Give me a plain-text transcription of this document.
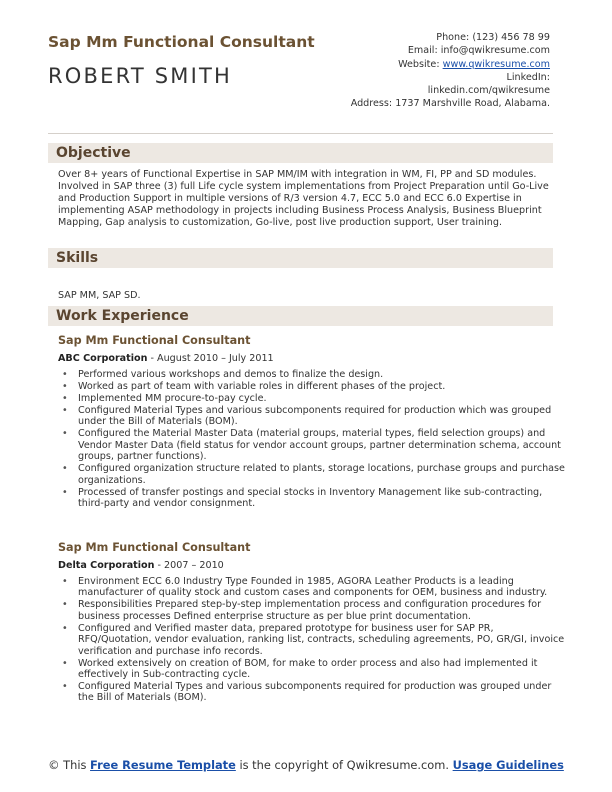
Sap Mm Functional Consultant
ROBERT SMITH
Phone: (123) 456 78 99
Email: info@qwikresume.com
Website: www.qwikresume.com
LinkedIn:
linkedin.com/qwikresume
Address: 1737 Marshville Road, Alabama.
Objective

Over 8+ years of Functional Expertise in SAP MM/IM with integration in WM, FI, PP and SD modules. Involved in SAP three (3) full Life cycle system implementations from Project Preparation until Go-Live and Production Support in multiple versions of R/3 version 4.7, ECC 5.0 and ECC 6.0 Expertise in implementing ASAP methodology in projects including Business Process Analysis, Business Blueprint Mapping, Gap analysis to customization, Go-live, post live production support, User training.

Skills

SAP MM, SAP SD.

Work Experience
Sap Mm Functional Consultant
ABC Corporation - August 2010 – July 2011
• Performed various workshops and demos to finalize the design.
• Worked as part of team with variable roles in different phases of the project.
• Implemented MM procure-to-pay cycle.
• Configured Material Types and various subcomponents required for production which was grouped under the Bill of Materials (BOM).
• Configured the Material Master Data (material groups, material types, field selection groups) and Vendor Master Data (field status for vendor account groups, partner determination schema, account groups, partner functions).
• Configured organization structure related to plants, storage locations, purchase groups and purchase organizations.
• Processed of transfer postings and special stocks in Inventory Management like sub-contracting, third-party and vendor consignment.
Sap Mm Functional Consultant
Delta Corporation - 2007 – 2010
• Environment ECC 6.0 Industry Type Founded in 1985, AGORA Leather Products is a leading manufacturer of quality stock and custom cases and components for OEM, business and industry.
• Responsibilities Prepared step-by-step implementation process and configuration procedures for business processes Defined enterprise structure as per blue print documentation.
• Configured and Verified master data, prepared prototype for business user for SAP PR, RFQ/Quotation, vendor evaluation, ranking list, contracts, scheduling agreements, PO, GR/GI, invoice verification and purchase info records.
• Worked extensively on creation of BOM, for make to order process and also had implemented it effectively in Sub-contracting cycle.
• Configured Material Types and various subcomponents required for production was grouped under the Bill of Materials (BOM).
© This Free Resume Template is the copyright of Qwikresume.com. Usage Guidelines
